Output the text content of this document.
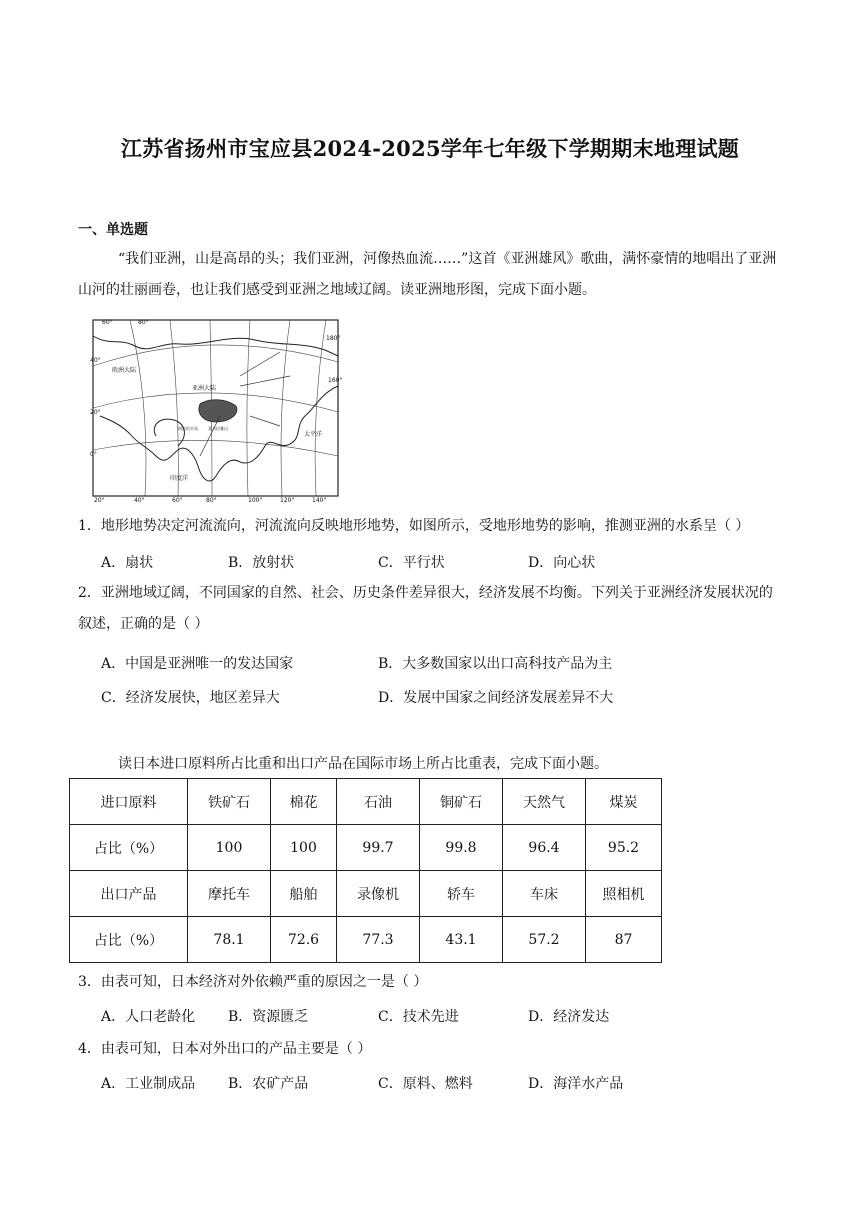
江苏省扬州市宝应县2024-2025学年七年级下学期期末地理试题
一、单选题
“我们亚洲，山是高昂的头；我们亚洲，河像热血流……”这首《亚洲雄风》歌曲，满怀豪情的地唱出了亚洲山河的壮丽画卷，也让我们感受到亚洲之地域辽阔。读亚洲地形图，完成下面小题。
60°	80°
40°
20°
0°
20°	40°	60°	80°	100°	120°	140°
180°
160°
欧洲大陆
亚洲大陆
印度洋
太平洋
阿拉伯半岛	喜马拉雅山
1．地形地势决定河流流向，河流流向反映地形地势，如图所示，受地形地势的影响，推测亚洲的水系呈（ ）
A．扇状	B．放射状	C．平行状	D．向心状
2．亚洲地域辽阔，不同国家的自然、社会、历史条件差异很大，经济发展不均衡。下列关于亚洲经济发展状况的叙述，正确的是（ ）
A．中国是亚洲唯一的发达国家	B．大多数国家以出口高科技产品为主
C．经济发展快，地区差异大	D．发展中国家之间经济发展差异不大
读日本进口原料所占比重和出口产品在国际市场上所占比重表，完成下面小题。
进口原料	铁矿石	棉花	石油	铜矿石	天然气	煤炭
占比（%）	100	100	99.7	99.8	96.4	95.2
出口产品	摩托车	船舶	录像机	轿车	车床	照相机
占比（%）	78.1	72.6	77.3	43.1	57.2	87
3．由表可知，日本经济对外依赖严重的原因之一是（ ）
A．人口老龄化 B．资源匮乏	C．技术先进	D．经济发达
4．由表可知，日本对外出口的产品主要是（ ）
A．工业制成品 B．农矿产品	C．原料、燃料	D．海洋水产品
